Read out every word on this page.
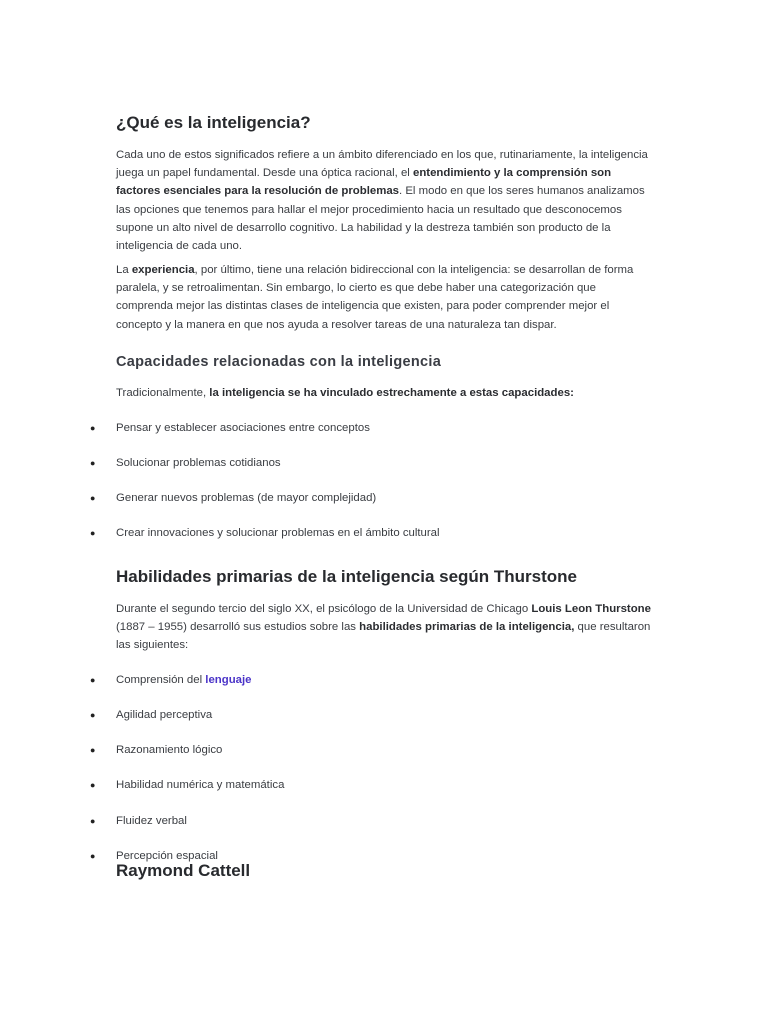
¿Qué es la inteligencia?

Cada uno de estos significados refiere a un ámbito diferenciado en los que, rutinariamente, la inteligencia juega un papel fundamental. Desde una óptica racional, el entendimiento y la comprensión son factores esenciales para la resolución de problemas. El modo en que los seres humanos analizamos las opciones que tenemos para hallar el mejor procedimiento hacia un resultado que desconocemos supone un alto nivel de desarrollo cognitivo. La habilidad y la destreza también son producto de la inteligencia de cada uno.

La experiencia, por último, tiene una relación bidireccional con la inteligencia: se desarrollan de forma paralela, y se retroalimentan. Sin embargo, lo cierto es que debe haber una categorización que comprenda mejor las distintas clases de inteligencia que existen, para poder comprender mejor el concepto y la manera en que nos ayuda a resolver tareas de una naturaleza tan dispar.

Capacidades relacionadas con la inteligencia

Tradicionalmente, la inteligencia se ha vinculado estrechamente a estas capacidades:

● Pensar y establecer asociaciones entre conceptos
● Solucionar problemas cotidianos
● Generar nuevos problemas (de mayor complejidad)
● Crear innovaciones y solucionar problemas en el ámbito cultural
Habilidades primarias de la inteligencia según Thurstone

Durante el segundo tercio del siglo XX, el psicólogo de la Universidad de Chicago Louis Leon Thurstone (1887 – 1955) desarrolló sus estudios sobre las habilidades primarias de la inteligencia, que resultaron las siguientes:

● Comprensión del lenguaje
● Agilidad perceptiva
● Razonamiento lógico
● Habilidad numérica y matemática
● Fluidez verbal
● Percepción espacial
Raymond Cattell
